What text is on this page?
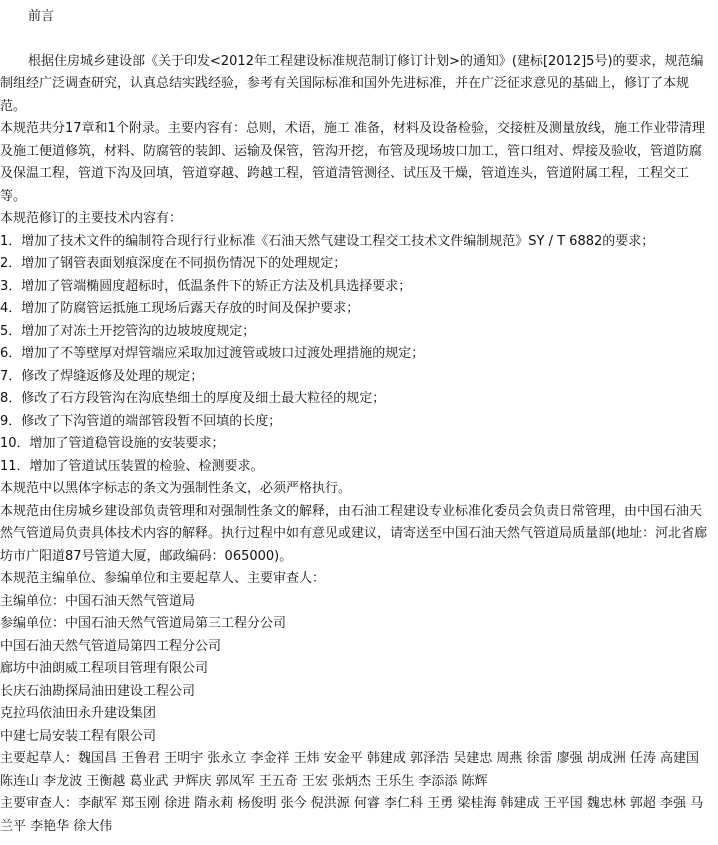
前言

根据住房城乡建设部《关于印发<2012年工程建设标准规范制订修订计划>的通知》(建标[2012]5号)的要求，规范编制组经广泛调查研究，认真总结实践经验，参考有关国际标准和国外先进标准，并在广泛征求意见的基础上，修订了本规范。

本规范共分17章和1个附录。主要内容有：总则，术语，施工 准备，材料及设备检验，交接桩及测量放线，施工作业带清理及施工便道修筑，材料、防腐管的装卸、运输及保管，管沟开挖，布管及现场坡口加工，管口组对、焊接及验收，管道防腐及保温工程，管道下沟及回填，管道穿越、跨越工程，管道清管测径、试压及干燥，管道连头，管道附属工程，工程交工等。

本规范修订的主要技术内容有：

1．增加了技术文件的编制符合现行行业标准《石油天然气建设工程交工技术文件编制规范》SY / T 6882的要求；

2．增加了钢管表面划痕深度在不同损伤情况下的处理规定；

3．增加了管端椭圆度超标时，低温条件下的矫正方法及机具选择要求；

4．增加了防腐管运抵施工现场后露天存放的时间及保护要求；

5．增加了对冻土开挖管沟的边坡坡度规定；

6．增加了不等壁厚对焊管端应采取加过渡管或坡口过渡处理措施的规定；

7．修改了焊缝返修及处理的规定；

8．修改了石方段管沟在沟底垫细土的厚度及细土最大粒径的规定；

9．修改了下沟管道的端部管段暂不回填的长度；

10．增加了管道稳管设施的安装要求；

11．增加了管道试压装置的检验、检测要求。

本规范中以黑体字标志的条文为强制性条文，必须严格执行。

本规范由住房城乡建设部负责管理和对强制性条文的解释，由石油工程建设专业标准化委员会负责日常管理，由中国石油天然气管道局负责具体技术内容的解释。执行过程中如有意见或建议，请寄送至中国石油天然气管道局质量部(地址：河北省廊坊市广阳道87号管道大厦，邮政编码：065000)。

本规范主编单位、参编单位和主要起草人、主要审查人：

主编单位：中国石油天然气管道局

参编单位：中国石油天然气管道局第三工程分公司

中国石油天然气管道局第四工程分公司

廊坊中油朗威工程项目管理有限公司

长庆石油勘探局油田建设工程公司

克拉玛依油田永升建设集团

中建七局安装工程有限公司

主要起草人：魏国昌 王鲁君 王明宇 张永立 李金祥 王炜 安金平 韩建成 郭泽浩 吴建忠 周燕 徐雷 廖强 胡成洲 任涛 高建国 陈连山 李龙波 王衡越 葛业武 尹辉庆 郭凤军 王五奇 王宏 张炳杰 王乐生 李添添 陈辉

主要审查人：李献军 郑玉刚 徐进 隋永莉 杨俊明 张今 倪洪源 何睿 李仁科 王勇 梁桂海 韩建成 王平国 魏忠林 郭超 李强 马兰平 李艳华 徐大伟
